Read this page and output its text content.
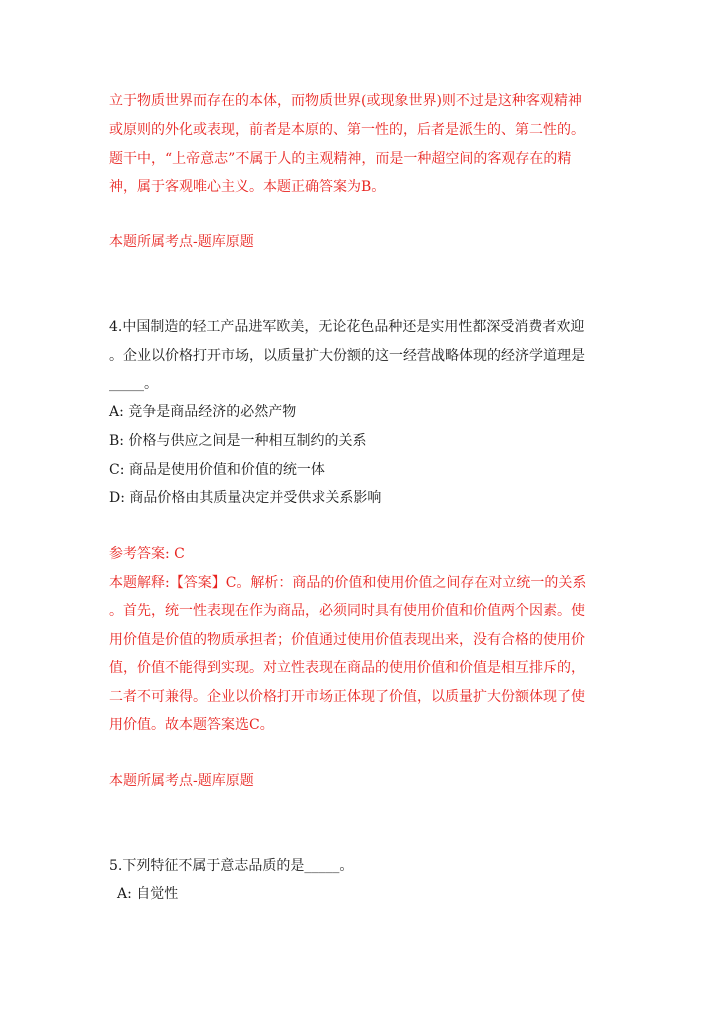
立于物质世界而存在的本体，而物质世界(或现象世界)则不过是这种客观精神
或原则的外化或表现，前者是本原的、第一性的，后者是派生的、第二性的。
题干中，“上帝意志”不属于人的主观精神，而是一种超空间的客观存在的精
神，属于客观唯心主义。本题正确答案为B。
本题所属考点-题库原题
4.中国制造的轻工产品进军欧美，无论花色品种还是实用性都深受消费者欢迎
。企业以价格打开市场，以质量扩大份额的这一经营战略体现的经济学道理是
_____。
A: 竞争是商品经济的必然产物
B: 价格与供应之间是一种相互制约的关系
C: 商品是使用价值和价值的统一体
D: 商品价格由其质量决定并受供求关系影响
参考答案: C
本题解释:【答案】C。解析：商品的价值和使用价值之间存在对立统一的关系
。首先，统一性表现在作为商品，必须同时具有使用价值和价值两个因素。使
用价值是价值的物质承担者；价值通过使用价值表现出来，没有合格的使用价
值，价值不能得到实现。对立性表现在商品的使用价值和价值是相互排斥的，
二者不可兼得。企业以价格打开市场正体现了价值，以质量扩大份额体现了使
用价值。故本题答案选C。
本题所属考点-题库原题
5.下列特征不属于意志品质的是_____。
A: 自觉性
